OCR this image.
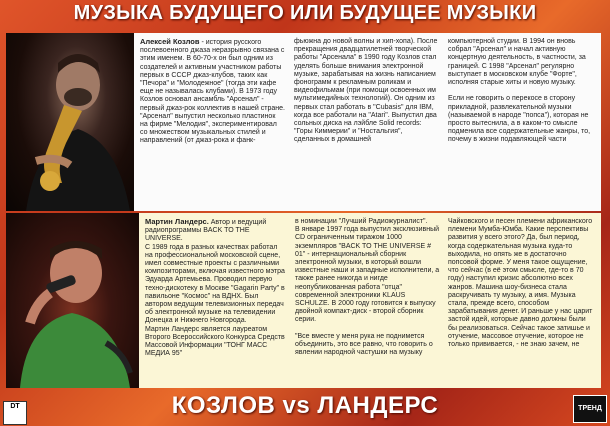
МУЗЫКА БУДУЩЕГО ИЛИ БУДУЩЕЕ МУЗЫКИ
Алексей Козлов - история русского послевоенного джаза неразрывно связана с этим именем. В 60-70-х он был одним из создателей и активным участником работы первых в СССР джаз-клубов, таких как "Печора" и "Молодежное" (тогда эти кафе еще не называлась клубами). В 1973 году Козлов основал ансамбль "Арсенал" - первый джаз-рок коллектив в нашей стране. "Арсенал" выпустил несколько пластинок на фирме "Мелодия", экспериментировал со множеством музыкальных стилей и направлений (от джаз-рока и фанк-
фьюжна до новой волны и хип-хопа). После прекращения двадцатилетней творческой работы "Арсенала" в 1990 году Козлов стал уделять больше внимания электронной музыке, зарабатывая на жизнь написанием фонограмм к рекламным роликам и видеофильмам (при помощи освоенных им мультимедийных технологий). Он одним из первых стал работать в "Cubasis" для IBM, когда все работали на "Atari". Выпустил два сольных диска на лэйбле Solid records: "Горы Киммерии" и "Ностальгия", сделанных в домашней
компьютерной студии. В 1994 он вновь собрал "Арсенал" и начал активную концертную деятельность, в частности, за границей. С 1998 "Арсенал" регулярно выступает в московском клубе "Форте", исполняя старые хиты и новую музыку.

Если не говорить о перекосе в сторону прикладной, развлекательной музыки (называемой в народе "попса"), которая не просто вытеснила, а в каком-то смысле подменила все содержательные жанры, то, почему в жизни подавляющей части
Мартин Ландерс. Автор и ведущий радиопрограммы BACK TO THE UNIVERSE.
С 1989 года в разных качествах работал на профессиональной московской сцене, имел совместные проекты с различными композиторами, включая известного мэтра Эдуарда Артемьева. Проводил первую техно-дискотеку в Москве "Gagarin Party" в павильоне "Космос" на ВДНХ. Был автором ведущим телевизионных передач об электронной музыке на телевидении Донецка и Нижнего Новгорода.
Мартин Ландерс является лауреатом Второго Всероссийского Конкурса Средств Массовой Информации "ТОНГ МАСС МЕДИА 95"
в номинации "Лучший Радиожурналист".
В январе 1997 года выпустил эксклюзивный CD ограниченным тиражом 1000 экземпляров "BACK TO THE UNIVERSE # 01" - интернациональный сборник электронной музыки, в который вошли известные наши и западные исполнители, а также ранее никогда и нигде неопубликованная работа "отца" современной электроники KLAUS SCHULZE. В 2000 году готовится к выпуску двойной компакт-диск - второй сборник серии.

"Все вместе у меня рука не поднимется объединить, это все равно, что говорить о явлении народной частушки на музыку
Чайковского и песен племени африканского племени Мумба-Юмба. Какие перспективы развития у всего этого? Да, был период, когда содержательная музыка куда-то выходила, но опять же в достаточно попсовой форме. У меня такое ощущение, что сейчас (в её этом смысле, где-то в 70 году) наступил кризис абсолютно всех жанров. Машина шоу-бизнеса стала раскручивать ту музыку, а имя. Музыка стала, прежде всего, способом зарабатывания денег. И раньше у нас царит застой идей, которые давно должны были бы реализоваться. Сейчас такое затишье и отучение, массовое отучение, которое не только прививается, - не знаю зачем, не
КОЗЛОВ vs ЛАНДЕРС
DT	ТРЕНД
